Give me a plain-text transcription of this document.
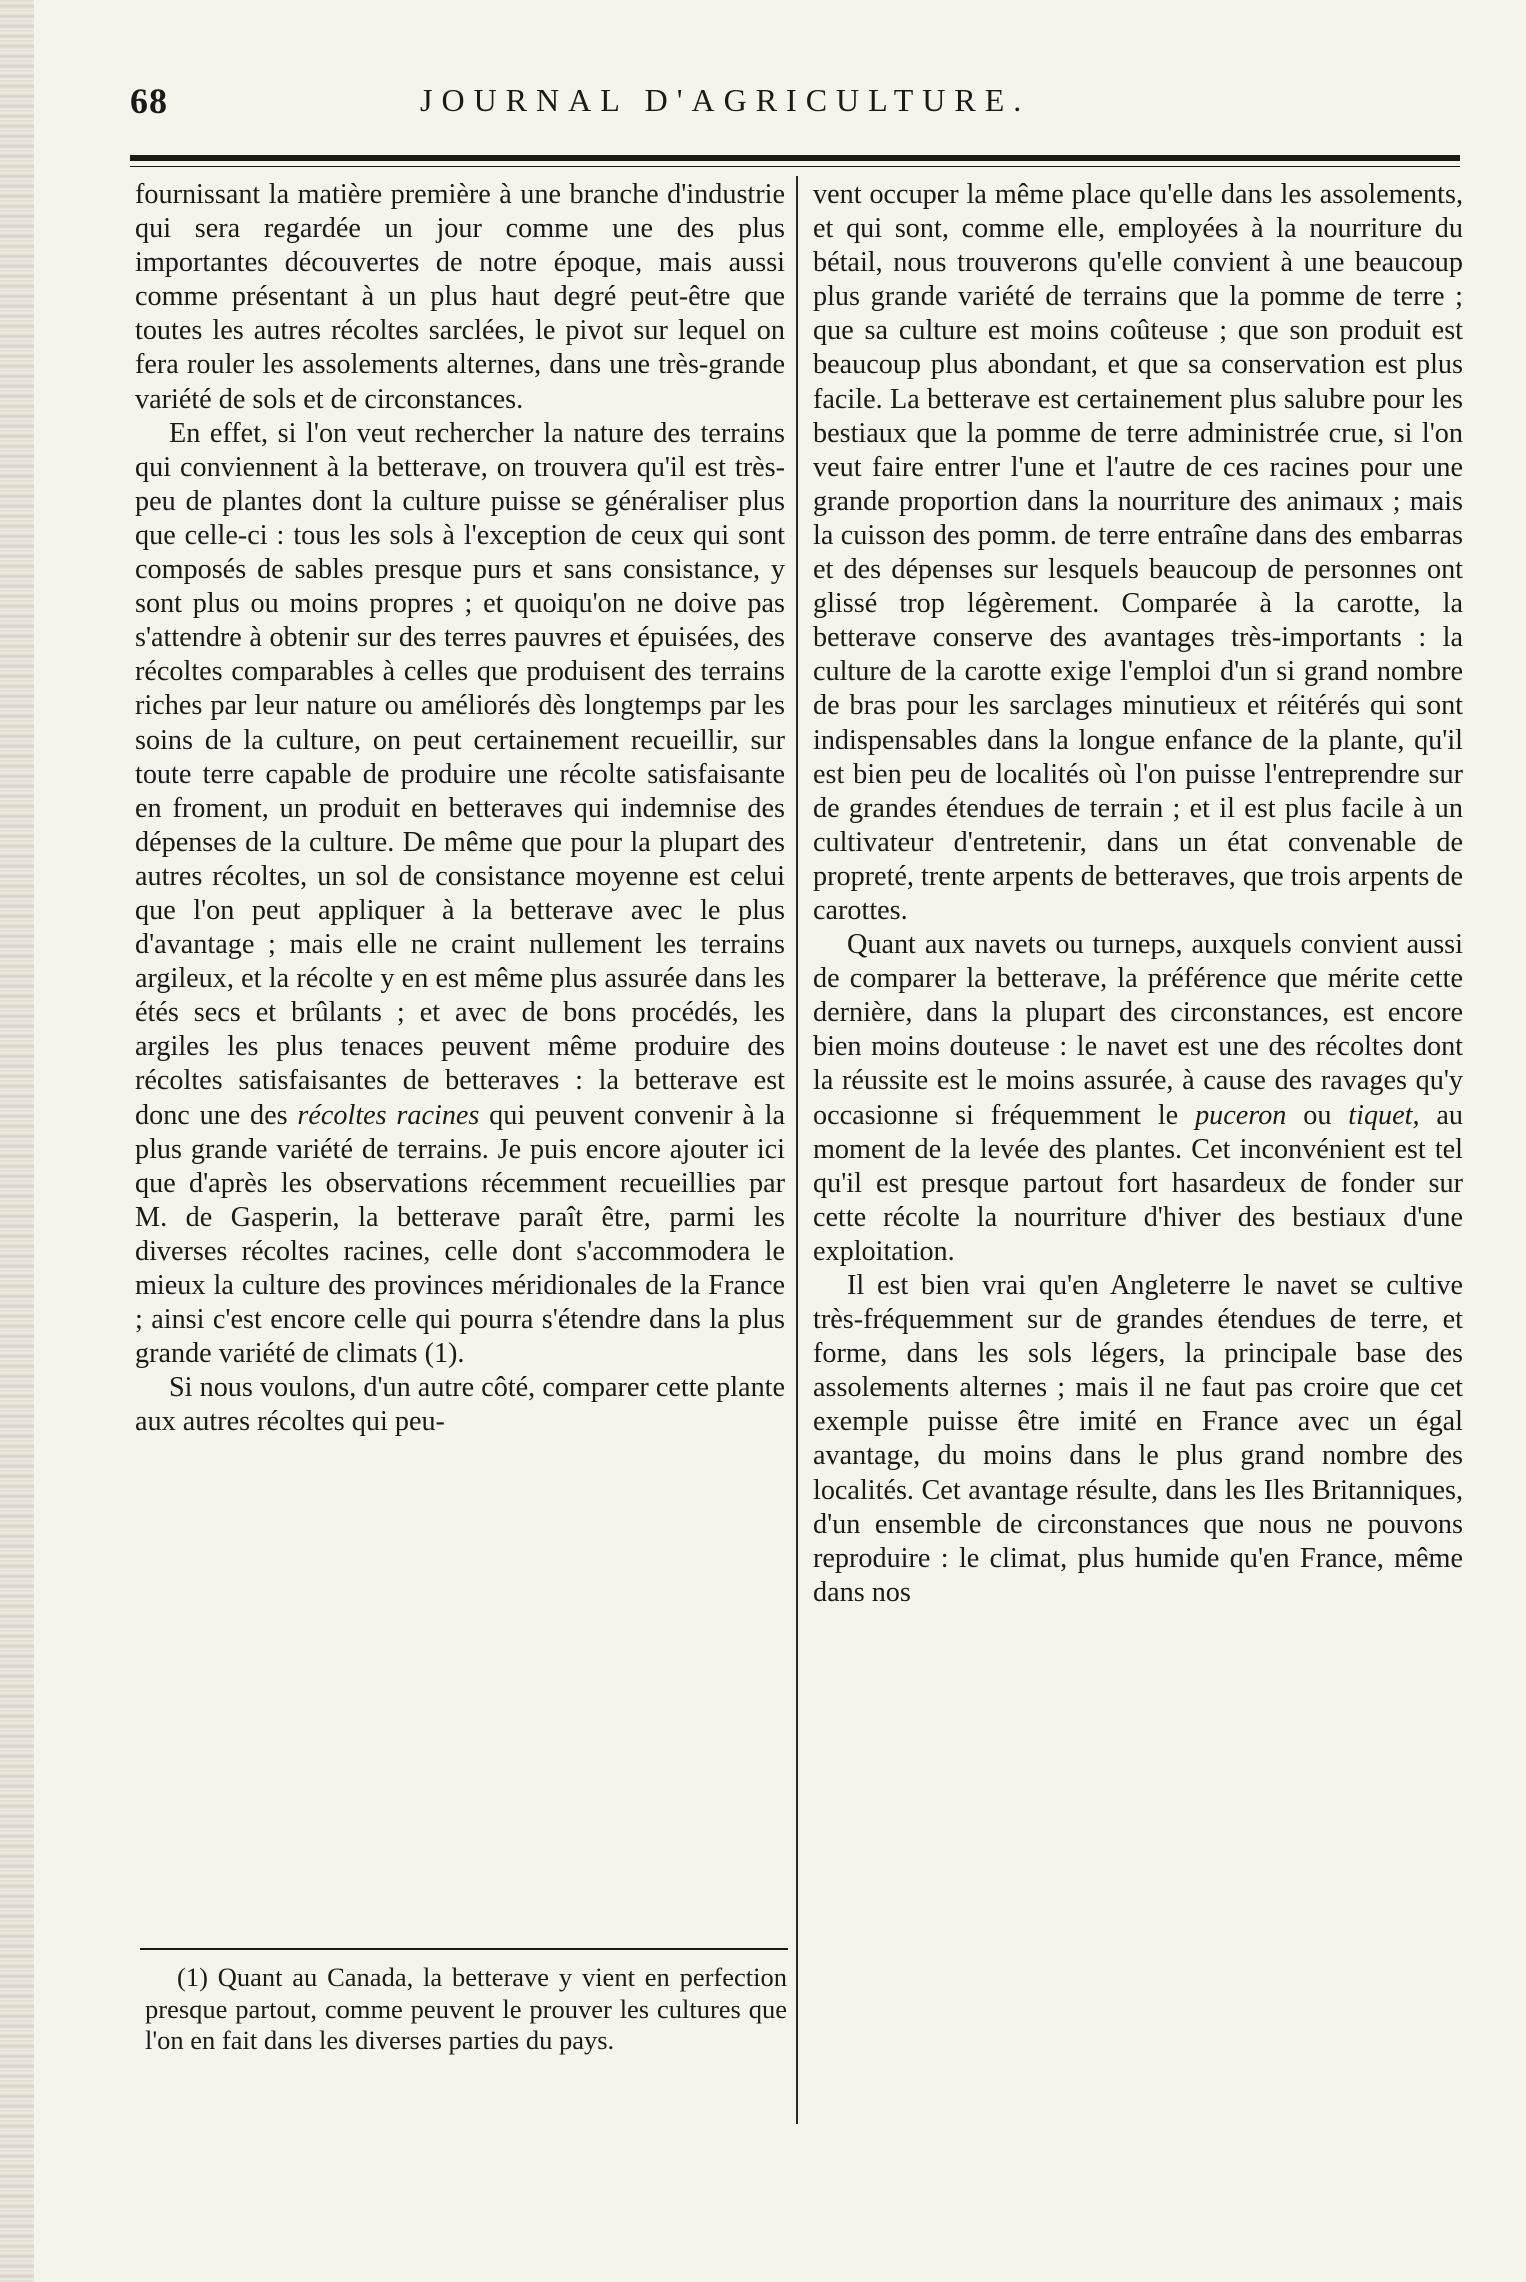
68	JOURNAL D'AGRICULTURE.

fournissant la matière première à une branche d'industrie qui sera regardée un jour comme une des plus importantes découvertes de notre époque, mais aussi comme présentant à un plus haut degré peut-être que toutes les autres récoltes sarclées, le pivot sur lequel on fera rouler les assolements alternes, dans une très-grande variété de sols et de circonstances.

En effet, si l'on veut rechercher la nature des terrains qui conviennent à la betterave, on trouvera qu'il est très-peu de plantes dont la culture puisse se généraliser plus que celle-ci : tous les sols à l'exception de ceux qui sont composés de sables presque purs et sans consistance, y sont plus ou moins propres ; et quoiqu'on ne doive pas s'attendre à obtenir sur des terres pauvres et épuisées, des récoltes comparables à celles que produisent des terrains riches par leur nature ou améliorés dès longtemps par les soins de la culture, on peut certainement recueillir, sur toute terre capable de produire une récolte satisfaisante en froment, un produit en betteraves qui indemnise des dépenses de la culture. De même que pour la plupart des autres récoltes, un sol de consistance moyenne est celui que l'on peut appliquer à la betterave avec le plus d'avantage ; mais elle ne craint nullement les terrains argileux, et la récolte y en est même plus assurée dans les étés secs et brûlants ; et avec de bons procédés, les argiles les plus tenaces peuvent même produire des récoltes satisfaisantes de betteraves : la betterave est donc une des récoltes racines qui peuvent convenir à la plus grande variété de terrains. Je puis encore ajouter ici que d'après les observations récemment recueillies par M. de Gasperin, la betterave paraît être, parmi les diverses récoltes racines, celle dont s'accommodera le mieux la culture des provinces méridionales de la France ; ainsi c'est encore celle qui pourra s'étendre dans la plus grande variété de climats (1).

Si nous voulons, d'un autre côté, comparer cette plante aux autres récoltes qui peu-

(1) Quant au Canada, la betterave y vient en perfection presque partout, comme peuvent le prouver les cultures que l'on en fait dans les diverses parties du pays.

vent occuper la même place qu'elle dans les assolements, et qui sont, comme elle, employées à la nourriture du bétail, nous trouverons qu'elle convient à une beaucoup plus grande variété de terrains que la pomme de terre ; que sa culture est moins coûteuse ; que son produit est beaucoup plus abondant, et que sa conservation est plus facile. La betterave est certainement plus salubre pour les bestiaux que la pomme de terre administrée crue, si l'on veut faire entrer l'une et l'autre de ces racines pour une grande proportion dans la nourriture des animaux ; mais la cuisson des pomm. de terre entraîne dans des embarras et des dépenses sur lesquels beaucoup de personnes ont glissé trop légèrement. Comparée à la carotte, la betterave conserve des avantages très-importants : la culture de la carotte exige l'emploi d'un si grand nombre de bras pour les sarclages minutieux et réitérés qui sont indispensables dans la longue enfance de la plante, qu'il est bien peu de localités où l'on puisse l'entreprendre sur de grandes étendues de terrain ; et il est plus facile à un cultivateur d'entretenir, dans un état convenable de propreté, trente arpents de betteraves, que trois arpents de carottes.

Quant aux navets ou turneps, auxquels convient aussi de comparer la betterave, la préférence que mérite cette dernière, dans la plupart des circonstances, est encore bien moins douteuse : le navet est une des récoltes dont la réussite est le moins assurée, à cause des ravages qu'y occasionne si fréquemment le puceron ou tiquet, au moment de la levée des plantes. Cet inconvénient est tel qu'il est presque partout fort hasardeux de fonder sur cette récolte la nourriture d'hiver des bestiaux d'une exploitation.

Il est bien vrai qu'en Angleterre le navet se cultive très-fréquemment sur de grandes étendues de terre, et forme, dans les sols légers, la principale base des assolements alternes ; mais il ne faut pas croire que cet exemple puisse être imité en France avec un égal avantage, du moins dans le plus grand nombre des localités. Cet avantage résulte, dans les Iles Britanniques, d'un ensemble de circonstances que nous ne pouvons reproduire : le climat, plus humide qu'en France, même dans nos
